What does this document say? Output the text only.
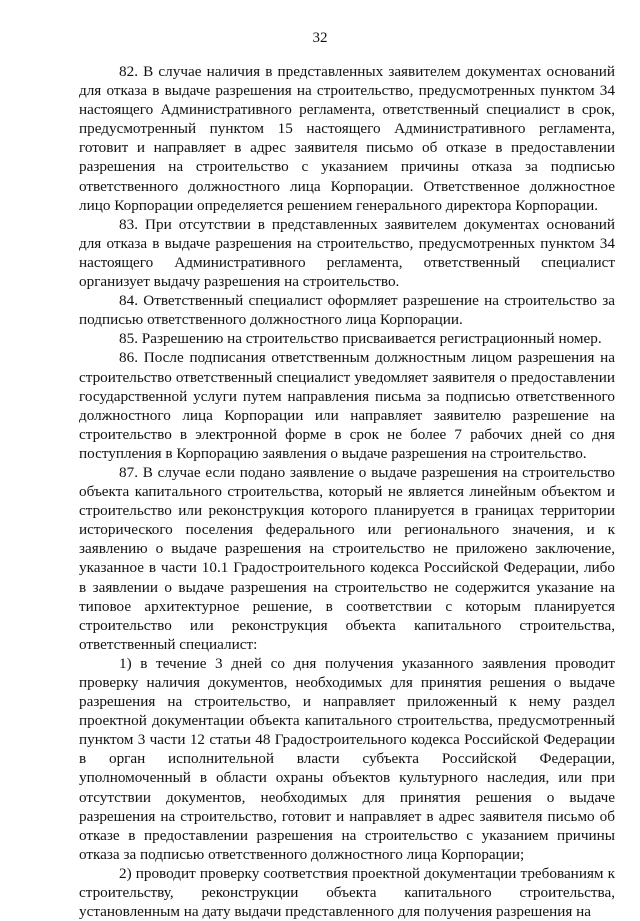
32

82. В случае наличия в представленных заявителем документах оснований для отказа в выдаче разрешения на строительство, предусмотренных пунктом 34 настоящего Административного регламента, ответственный специалист в срок, предусмотренный пунктом 15 настоящего Административного регламента, готовит и направляет в адрес заявителя письмо об отказе в предоставлении разрешения на строительство с указанием причины отказа за подписью ответственного должностного лица Корпорации. Ответственное должностное лицо Корпорации определяется решением генерального директора Корпорации.

83. При отсутствии в представленных заявителем документах оснований для отказа в выдаче разрешения на строительство, предусмотренных пунктом 34 настоящего Административного регламента, ответственный специалист организует выдачу разрешения на строительство.

84. Ответственный специалист оформляет разрешение на строительство за подписью ответственного должностного лица Корпорации.

85. Разрешению на строительство присваивается регистрационный номер.

86. После подписания ответственным должностным лицом разрешения на строительство ответственный специалист уведомляет заявителя о предоставлении государственной услуги путем направления письма за подписью ответственного должностного лица Корпорации или направляет заявителю разрешение на строительство в электронной форме в срок не более 7 рабочих дней со дня поступления в Корпорацию заявления о выдаче разрешения на строительство.

87. В случае если подано заявление о выдаче разрешения на строительство объекта капитального строительства, который не является линейным объектом и строительство или реконструкция которого планируется в границах территории исторического поселения федерального или регионального значения, и к заявлению о выдаче разрешения на строительство не приложено заключение, указанное в части 10.1 Градостроительного кодекса Российской Федерации, либо в заявлении о выдаче разрешения на строительство не содержится указание на типовое архитектурное решение, в соответствии с которым планируется строительство или реконструкция объекта капитального строительства, ответственный специалист:

1) в течение 3 дней со дня получения указанного заявления проводит проверку наличия документов, необходимых для принятия решения о выдаче разрешения на строительство, и направляет приложенный к нему раздел проектной документации объекта капитального строительства, предусмотренный пунктом 3 части 12 статьи 48 Градостроительного кодекса Российской Федерации в орган исполнительной власти субъекта Российской Федерации, уполномоченный в области охраны объектов культурного наследия, или при отсутствии документов, необходимых для принятия решения о выдаче разрешения на строительство, готовит и направляет в адрес заявителя письмо об отказе в предоставлении разрешения на строительство с указанием причины отказа за подписью ответственного должностного лица Корпорации;

2) проводит проверку соответствия проектной документации требованиям к строительству, реконструкции объекта капитального строительства, установленным на дату выдачи представленного для получения разрешения на
